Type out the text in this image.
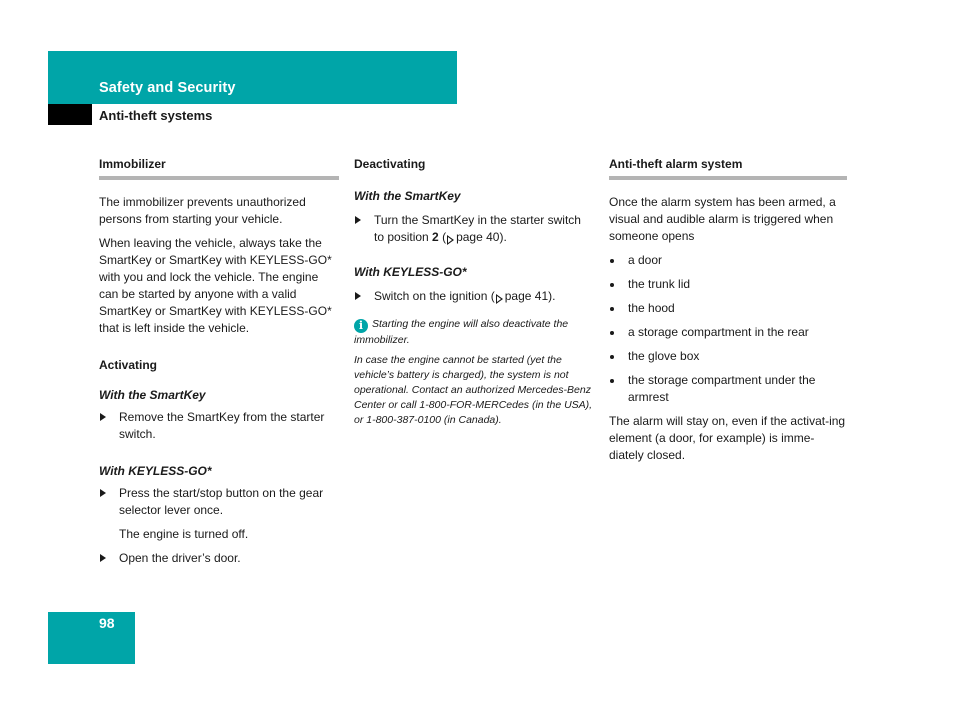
Safety and Security
Anti-theft systems
Immobilizer

The immobilizer prevents unauthorized persons from starting your vehicle.

When leaving the vehicle, always take the SmartKey or SmartKey with KEYLESS-GO* with you and lock the vehicle. The engine can be started by anyone with a valid SmartKey or SmartKey with KEYLESS-GO* that is left inside the vehicle.

Activating
With the SmartKey
Remove the SmartKey from the starter switch.
With KEYLESS-GO*
Press the start/stop button on the gear selector lever once.
The engine is turned off.
Open the driver’s door.
Deactivating
With the SmartKey
Turn the SmartKey in the starter switch to position 2 ( page 40).
With KEYLESS-GO*
Switch on the ignition ( page 41).
i Starting the engine will also deactivate the immobilizer.
In case the engine cannot be started (yet the vehicle’s battery is charged), the system is not operational. Contact an authorized Mercedes-Benz Center or call 1-800-FOR-MERCedes (in the USA), or 1-800-387-0100 (in Canada).
Anti-theft alarm system

Once the alarm system has been armed, a visual and audible alarm is triggered when someone opens

a door
the trunk lid
the hood
a storage compartment in the rear
the glove box
the storage compartment under the armrest

The alarm will stay on, even if the activat-ing element (a door, for example) is imme-diately closed.

98
